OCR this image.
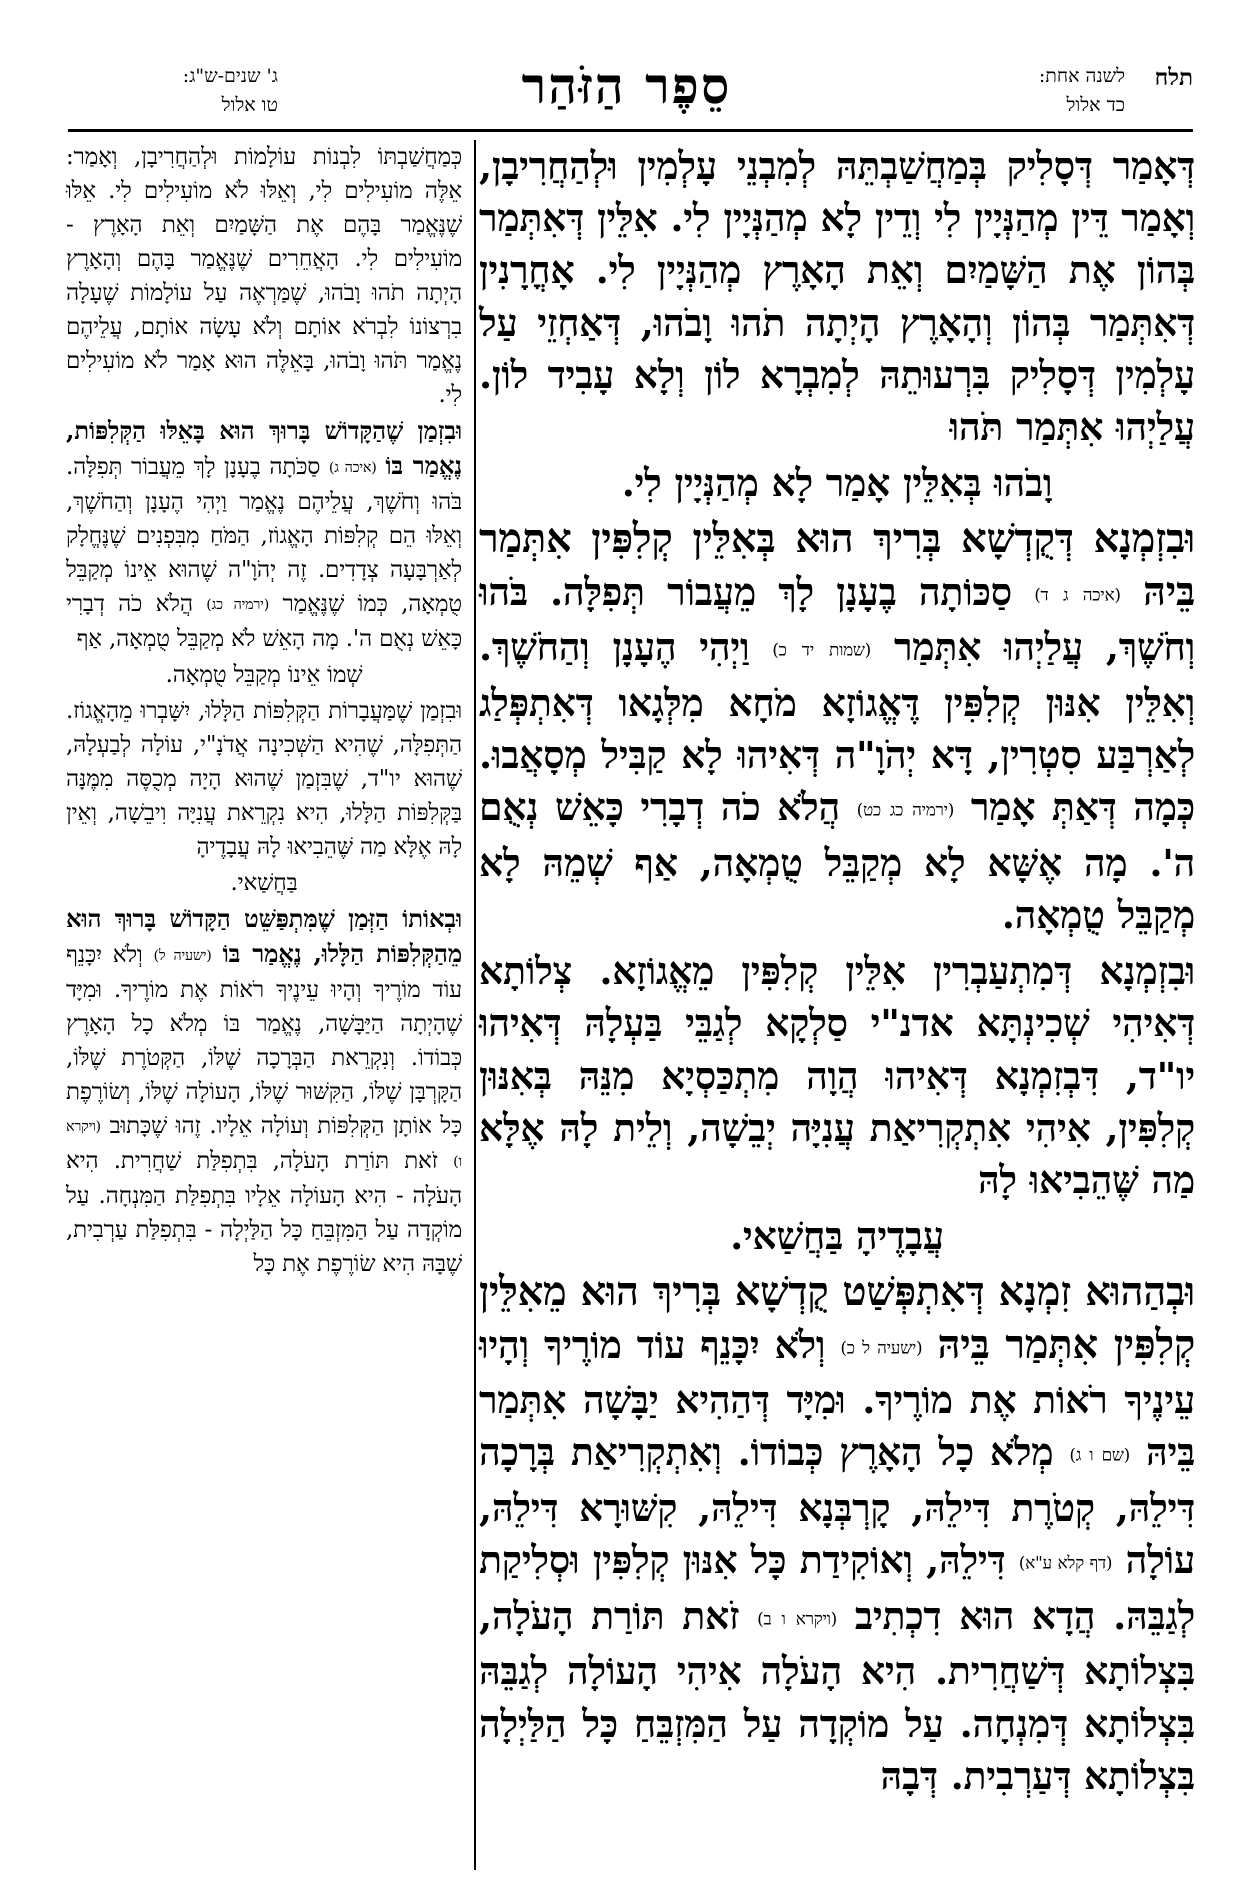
תלח
לשנה אחת:
כד אלול
סֵפֶר הַזֹּהַר
ג' שנים-ש"ג:
טו אלול

דְּאָמַר דְּסָלִיק בְּמַחֲשַׁבְתֵּהּ לְמִבְנֵי עָלְמִין וּלְהַחֲרִיבָן, וְאָמַר דֵּין מְהַנְּיָין לִי וְדֵין לָא מְהַנְּיָין לִי. אִלֵּין דְּאִתְּמַר בְּהוֹן אֶת הַשָּׁמַיִם וְאֵת הָאָרֶץ מְהַנְּיָין לִי. אָחֳרָנִין דְּאִתְּמַר בְּהוֹן וְהָאָרֶץ הָיְתָה תֹהוּ וָבֹהוּ, דְּאַחְזֵי עַל עָלְמִין דְּסָלִיק בִּרְעוּתֵהּ לְמִבְרָא לוֹן וְלָא עָבִיד לוֹן. עֲלַיְהוּ אִתְּמַר תֹּהוּ

וָבֹהוּ בְּאִלֵּין אָמַר לָא מְהַנְּיָין לִי.

וּבִזְמְנָא דְּקֻדְשָׁא בְּרִיךְ הוּא בְּאִלֵּין קְלִפִּין אִתְּמַר בֵּיהּ (איכה ג ד) סַכּוֹתָה בֶעָנָן לָךְ מֵעֲבוֹר תְּפִלָּה. בֹּהוּ וְחֹשֶׁךְ, עֲלַיְהוּ אִתְּמַר (שמות יד כ) וַיְהִי הֶעָנָן וְהַחֹשֶׁךְ. וְאִלֵּין אִנּוּן קְלִפִּין דֶּאֱגוֹזָא מֹחָא מִלְּגָאו דְּאִתְפְּלַג לְאַרְבַּע סִטְרִין, דָּא יְהֹוָ"ה דְּאִיהוּ לָא קַבִּיל מְסָאֲבוּ. כְּמָה דְּאַתְּ אָמַר (ירמיה כג כט) הֲלֹא כֹה דְבָרִי כָּאֵשׁ נְאֻם ה'. מָה אֶשָּׁא לָא מְקַבֵּל טֻמְאָה, אַף שְׁמֵהּ לָא מְקַבֵּל טֻמְאָה.

וּבִזְמְנָא דְּמִתְעַבְרִין אִלֵּין קְלִפִּין מֵאֱגוֹזָא. צְלוֹתָא דְּאִיהִי שְׁכִינְתָּא אדנ"י סַלְקָא לְגַבֵּי בַּעְלָהּ דְּאִיהוּ יו"ד, דִּבְזִמְנָא דְּאִיהוּ הֲוָה מִתְכַּסְיָא מִנֵּהּ בְּאִנּוּן קְלִפִּין, אִיהִי אִתְקְרִיאַת עֲנִיָּה יְבֵשָׁה, וְלֵית לָהּ אֶלָּא מַה שֶּׁהֵבִיאוּ לָהּ

עֲבָדֶיהָ בַּחֲשַׁאי.

וּבְהַהוּא זִמְנָא דְּאִתְפְּשַׁט קֻדְשָׁא בְּרִיךְ הוּא מֵאִלֵּין קְלִפִּין אִתְּמַר בֵּיהּ (ישעיה ל כ) וְלֹא יִכָּנֵף עוֹד מוֹרֶיךָ וְהָיוּ עֵינֶיךָ רֹאוֹת אֶת מוֹרֶיךָ. וּמִיָּד דְּהַהִיא יַבָּשָׁה אִתְּמַר בֵּיהּ (שם ו ג) מְלֹא כָל הָאָרֶץ כְּבוֹדוֹ. וְאִתְקְרִיאַת בְּרָכָה דִּילֵהּ, קְטֹרֶת דִּילֵהּ, קָרְבְּנָא דִּילֵהּ, קִשּׁוּרָא דִּילֵהּ, עוֹלָה (דף קלא ע"א) דִּילֵהּ, וְאוֹקִידַת כָּל אִנּוּן קְלִפִּין וּסְלִיקַת לְגַבֵּהּ. הֲדָא הוּא דִכְתִיב (ויקרא ו ב) זֹאת תּוֹרַת הָעֹלָה, בִּצְלוֹתָא דְּשַׁחֲרִית. הִיא הָעֹלָה אִיהִי הָעוֹלָה לְגַבֵּהּ בִּצְלוֹתָא דְּמִנְחָה. עַל מוֹקְדָה עַל הַמִּזְבֵּחַ כָּל הַלַּיְלָה בִּצְלוֹתָא דְּעַרְבִית. דְּבָהּ

כְּמַחֲשַׁבְתּוֹ לִבְנוֹת עוֹלָמוֹת וּלְהַחֲרִיבָן, וְאָמַר: אֵלֶּה מוֹעִילִים לִי, וְאֵלּוּ לֹא מוֹעִילִים לִי. אֵלּוּ שֶׁנֶּאֱמַר בָּהֶם אֶת הַשָּׁמַיִם וְאֵת הָאָרֶץ - מוֹעִילִים לִי. הָאֲחֵרִים שֶׁנֶּאֱמַר בָּהֶם וְהָאָרֶץ הָיְתָה תֹהוּ וָבֹהוּ, שֶׁמַּרְאֶה עַל עוֹלָמוֹת שֶׁעָלָה בִרְצוֹנוֹ לִבְרֹא אוֹתָם וְלֹא עָשָׂה אוֹתָם, עֲלֵיהֶם נֶאֱמַר תֹּהוּ וָבֹהוּ, בָּאֵלֶּה הוּא אָמַר לֹא מוֹעִילִים לִי.

וּבִזְמַן שֶׁהַקָּדוֹשׁ בָּרוּךְ הוּא בָּאֵלּוּ הַקְּלִפּוֹת, נֶאֱמַר בּוֹ (איכה ג) סַכֹּתָה בֶעָנָן לָךְ מֵעֲבוֹר תְּפִלָּה. בֹּהוּ וְחֹשֶׁךְ, עֲלֵיהֶם נֶאֱמַר וַיְהִי הֶעָנָן וְהַחֹשֶׁךְ, וְאֵלּוּ הֵם קְלִפּוֹת הָאֱגוֹז, הַמֹּחַ מִבִּפְנִים שֶׁנֶּחֱלָק לְאַרְבָּעָה צְדָדִים. זֶה יְהֹוָ"ה שֶׁהוּא אֵינוֹ מְקַבֵּל טֻמְאָה, כְּמוֹ שֶׁנֶּאֱמַר (ירמיה כג) הֲלֹא כֹה דְבָרִי כָּאֵשׁ נְאֻם ה'. מָה הָאֵשׁ לֹא מְקַבֵּל טֻמְאָה, אַף

שְׁמוֹ אֵינוֹ מְקַבֵּל טֻמְאָה.

וּבִזְמַן שֶׁמַּעֲבָרוֹת הַקְּלִפּוֹת הַלָּלוּ, יִשָּׁבְרוּ מֵהָאֱגוֹז. הַתְּפִלָּה, שֶׁהִיא הַשְּׁכִינָה אֲדֹנָ"י, עוֹלָה לְבַעְלָהּ, שֶׁהוּא יו"ד, שֶׁבִּזְמַן שֶׁהוּא הָיָה מְכֻסֶּה מִמֶּנָּה בַּקְּלִפּוֹת הַלָּלוּ, הִיא נִקְרֵאת עֲנִיָּה וִיבֵשָׁה, וְאֵין לָהּ אֶלָּא מַה שֶּׁהֵבִיאוּ לָהּ עֲבָדֶיהָ

בַּחֲשַׁאי.

וּבְאוֹתוֹ הַזְּמַן שֶׁמִּתְפַּשֵּׁט הַקָּדוֹשׁ בָּרוּךְ הוּא מֵהַקְּלִפּוֹת הַלָּלוּ, נֶאֱמַר בּוֹ (ישעיה ל) וְלֹא יִכָּנֵף עוֹד מוֹרֶיךָ וְהָיוּ עֵינֶיךָ רֹאוֹת אֶת מוֹרֶיךָ. וּמִיָּד שֶׁהָיְתָה הַיַּבָּשָׁה, נֶאֱמַר בּוֹ מְלֹא כָל הָאָרֶץ כְּבוֹדוֹ. וְנִקְרֵאת הַבְּרָכָה שֶׁלּוֹ, הַקְּטֹרֶת שֶׁלּוֹ, הַקָּרְבָּן שֶׁלּוֹ, הַקִּשּׁוּר שֶׁלּוֹ, הָעוֹלָה שֶׁלּוֹ, וְשׂוֹרֶפֶת כָּל אוֹתָן הַקְּלִפּוֹת וְעוֹלָה אֵלָיו. זֶהוּ שֶׁכָּתוּב (ויקרא ו) זֹאת תּוֹרַת הָעֹלָה, בִּתְפִלַּת שַׁחֲרִית. הִיא הָעֹלָה - הִיא הָעוֹלָה אֵלָיו בִּתְפִלַּת הַמִּנְחָה. עַל מוֹקְדָה עַל הַמִּזְבֵּחַ כָּל הַלַּיְלָה - בִּתְפִלַּת עַרְבִית, שֶׁבָּהּ הִיא שׂוֹרֶפֶת אֶת כָּל
